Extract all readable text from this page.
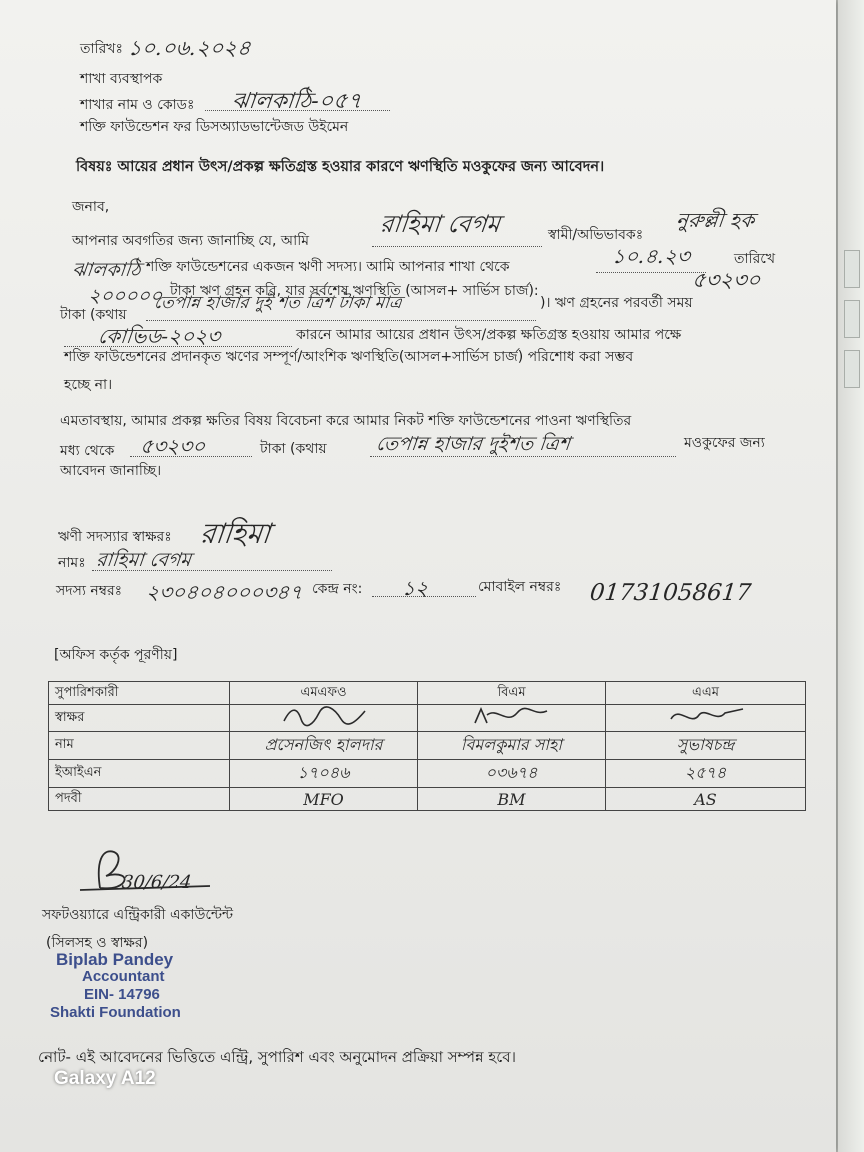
তারিখঃ ১০.০৬.২০২৪
শাখা ব্যবস্থাপক
শাখার নাম ও কোডঃ ঝালকাঠি-০৫৭
শক্তি ফাউন্ডেশন ফর ডিসঅ্যাডভান্টেজড উইমেন
বিষয়ঃ আয়ের প্রধান উৎস/প্রকল্প ক্ষতিগ্রস্ত হওয়ার কারণে ঋণস্থিতি মওকুফের জন্য আবেদন।
জনাব,
আপনার অবগতির জন্য জানাচ্ছি যে, আমি
রাহিমা বেগম	স্বামী/অভিভাবকঃ
নুরুল্লী হক
ঝালকাঠি শক্তি ফাউন্ডেশনের একজন ঋণী সদস্য। আমি আপনার শাখা থেকে	১০.৪.২৩	তারিখে
২০০০০০ টাকা ঋণ গ্রহন করি, যার সর্বশেষ ঋণস্থিতি (আসল+ সার্ভিস চার্জ):	৫৩২৩০
টাকা (কথায়
তেপান্ন হাজার দুই শত ত্রিশ টাকা মাত্র	)। ঋণ গ্রহনের পরবর্তী সময়
কোভিড-২০২৩	কারনে আমার আয়ের প্রধান উৎস/প্রকল্প ক্ষতিগ্রস্ত হওয়ায় আমার পক্ষে
শক্তি ফাউন্ডেশনের প্রদানকৃত ঋণের সম্পূর্ণ/আংশিক ঋণস্থিতি(আসল+সার্ভিস চার্জ) পরিশোধ করা সম্ভব
হচ্ছে না।
এমতাবস্থায়, আমার প্রকল্প ক্ষতির বিষয় বিবেচনা করে আমার নিকট শক্তি ফাউন্ডেশনের পাওনা ঋণস্থিতির
মধ্য থেকে ৫৩২৩০	টাকা (কথায়	তেপান্ন হাজার দুইশত ত্রিশ	মওকুফের জন্য
আবেদন জানাচ্ছি।
ঋণী সদস্যার স্বাক্ষরঃ রাহিমা
নামঃ রাহিমা বেগম
সদস্য নম্বরঃ ২৩০৪০৪০০০৩৪৭ কেন্দ্র নং: ১২	মোবাইল নম্বরঃ 01731058617
[অফিস কর্তৃক পূরণীয়]
সুপারিশকারী	এমএফও	বিএম	এএম
স্বাক্ষর			
নাম	প্রসেনজিৎ হালদার	বিমলকুমার সাহা	সুভাষচন্দ্র
ইআইএন	১৭০৪৬	০৩৬৭৪	২৫৭৪
পদবী	MFO	BM	AS
30/6/24
সফটওয়্যারে এন্ট্রিকারী একাউন্টেন্ট
(সিলসহ ও স্বাক্ষর)
Biplab Pandey
Accountant
EIN- 14796
Shakti Foundation
নোট- এই আবেদনের ভিত্তিতে এন্ট্রি, সুপারিশ এবং অনুমোদন প্রক্রিয়া সম্পন্ন হবে।
Galaxy A12
